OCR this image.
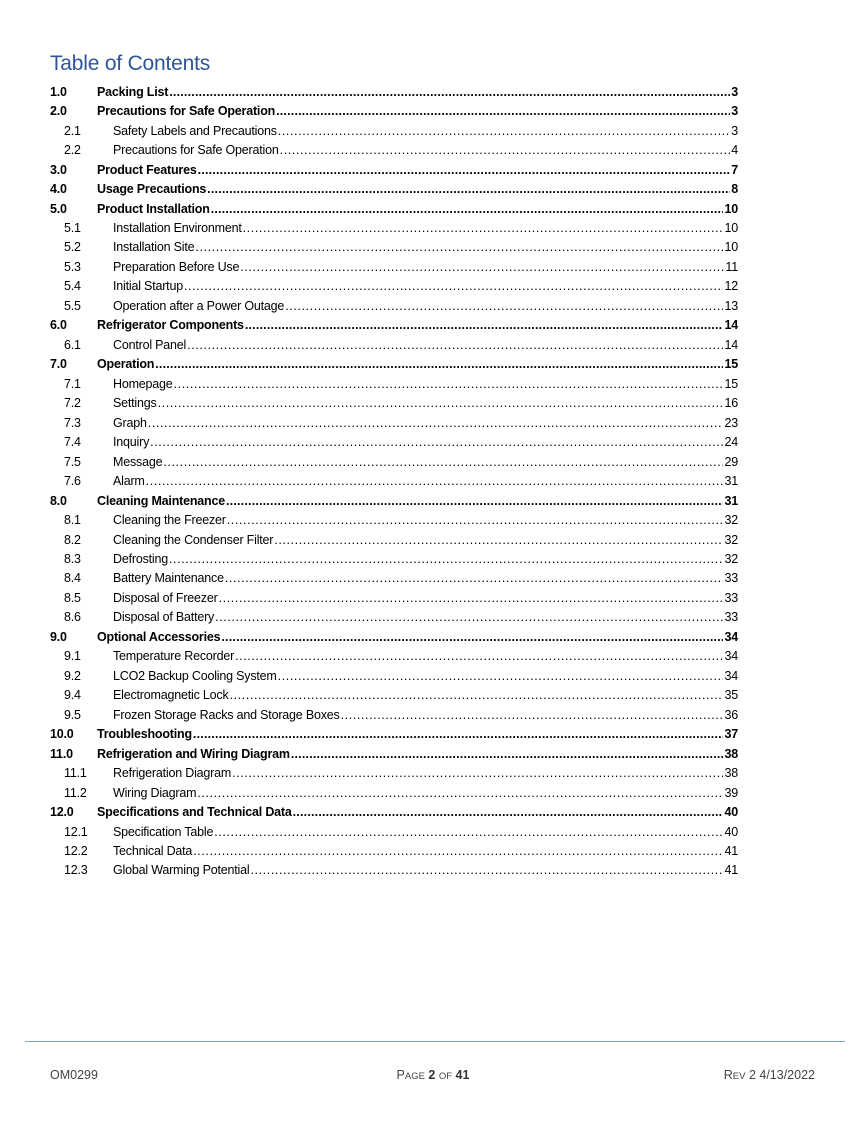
Table of Contents
1.0	Packing List .....	3
2.0	Precautions for Safe Operation .....	3
2.1	Safety Labels and Precautions .....	3
2.2	Precautions for Safe Operation .....	4
3.0	Product Features .....	7
4.0	Usage Precautions .....	8
5.0	Product Installation .....	10
5.1	Installation Environment .....	10
5.2	Installation Site .....	10
5.3	Preparation Before Use .....	11
5.4	Initial Startup .....	12
5.5	Operation after a Power Outage .....	13
6.0	Refrigerator Components .....	14
6.1	Control Panel .....	14
7.0	Operation .....	15
7.1	Homepage .....	15
7.2	Settings .....	16
7.3	Graph .....	23
7.4	Inquiry .....	24
7.5	Message .....	29
7.6	Alarm .....	31
8.0	Cleaning Maintenance .....	31
8.1	Cleaning the Freezer .....	32
8.2	Cleaning the Condenser Filter .....	32
8.3	Defrosting .....	32
8.4	Battery Maintenance .....	33
8.5	Disposal of Freezer .....	33
8.6	Disposal of Battery .....	33
9.0	Optional Accessories .....	34
9.1	Temperature Recorder .....	34
9.2	LCO2 Backup Cooling System .....	34
9.4	Electromagnetic Lock .....	35
9.5	Frozen Storage Racks and Storage Boxes .....	36
10.0	Troubleshooting .....	37
11.0	Refrigeration and Wiring Diagram .....	38
11.1	Refrigeration Diagram .....	38
11.2	Wiring Diagram .....	39
12.0	Specifications and Technical Data .....	40
12.1	Specification Table .....	40
12.2	Technical Data .....	41
12.3	Global Warming Potential .....	41
OM0299	PAGE 2 OF 41	REV 2 4/13/2022
